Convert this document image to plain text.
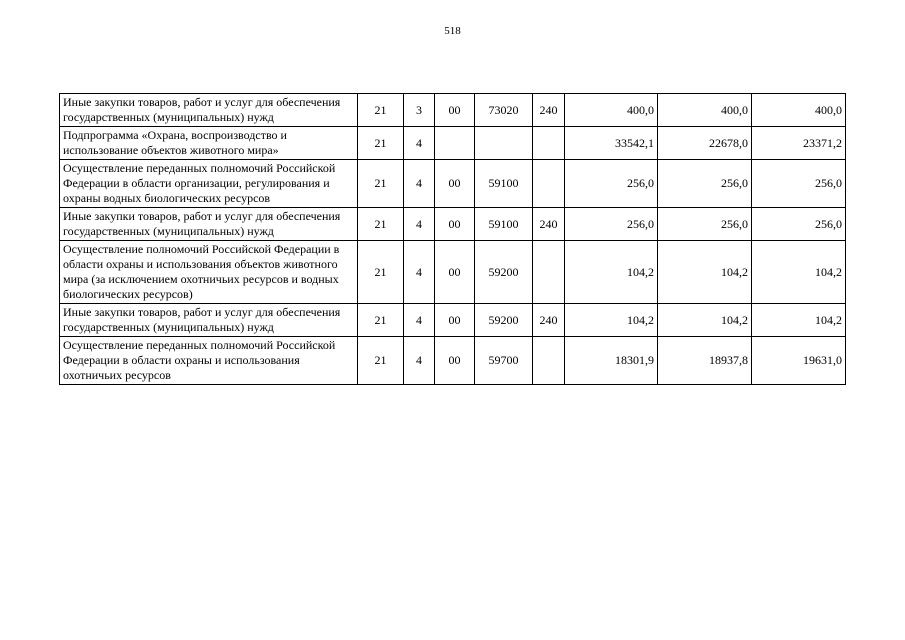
518
Иные закупки товаров, работ и услуг для обеспечения государственных (муниципальных) нужд	21	3	00	73020	240	400,0	400,0	400,0
Подпрограмма «Охрана, воспроизводство и использование объектов животного мира»	21	4				33542,1	22678,0	23371,2
Осуществление переданных полномочий Российской Федерации в области организации, регулирования и охраны водных биологических ресурсов	21	4	00	59100		256,0	256,0	256,0
Иные закупки товаров, работ и услуг для обеспечения государственных (муниципальных) нужд	21	4	00	59100	240	256,0	256,0	256,0
Осуществление полномочий Российской Федерации в области охраны и использования объектов животного мира (за исключением охотничьих ресурсов и водных биологических ресурсов)	21	4	00	59200		104,2	104,2	104,2
Иные закупки товаров, работ и услуг для обеспечения государственных (муниципальных) нужд	21	4	00	59200	240	104,2	104,2	104,2
Осуществление переданных полномочий Российской Федерации в области охраны и использования охотничьих ресурсов	21	4	00	59700		18301,9	18937,8	19631,0
